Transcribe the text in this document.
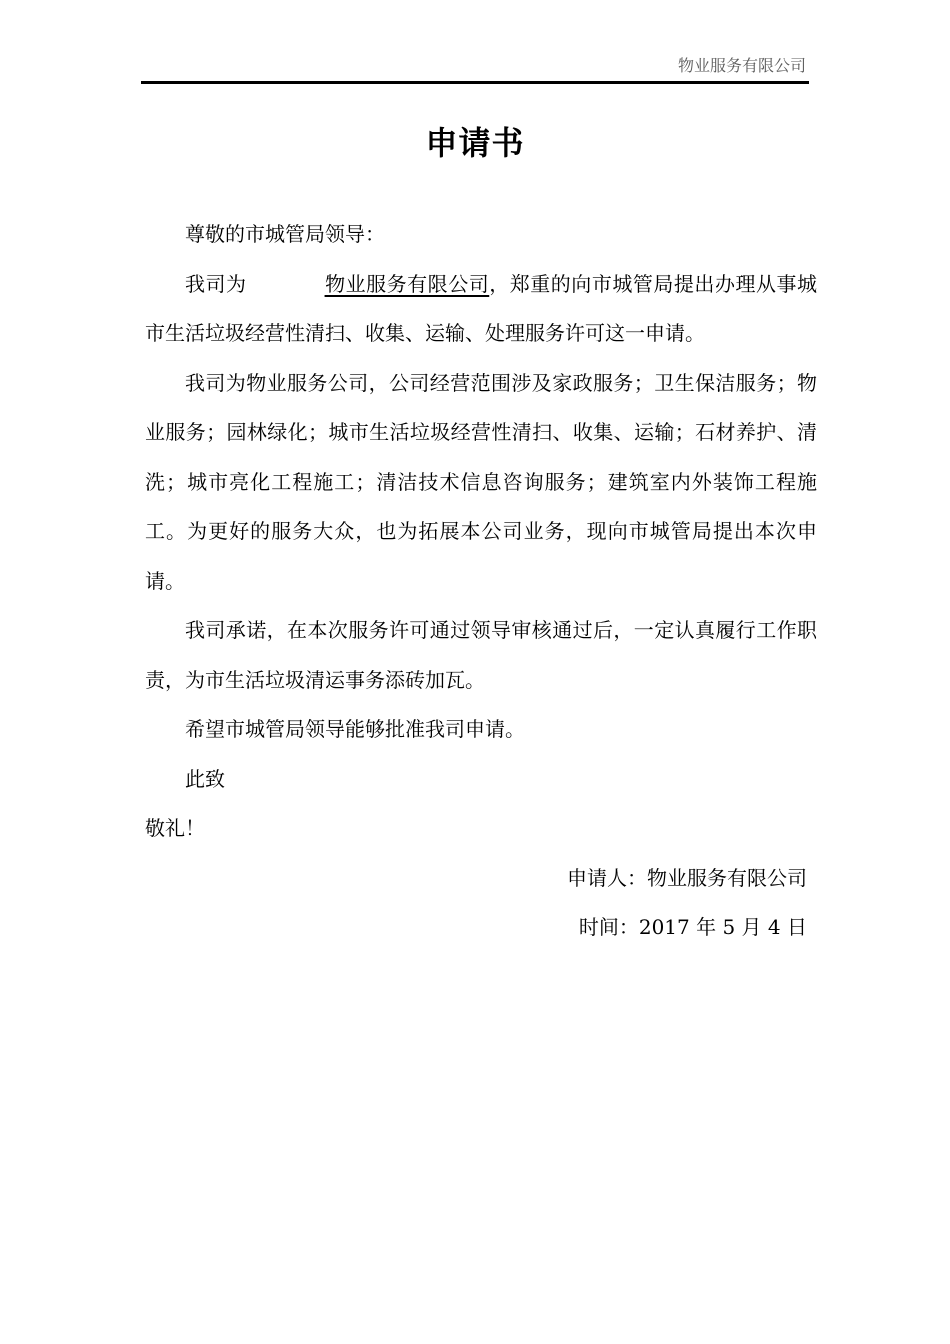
物业服务有限公司
申请书

尊敬的市城管局领导：

我司为	物业服务有限公司，郑重的向市城管局提出办理从事城市生活垃圾经营性清扫、收集、运输、处理服务许可这一申请。

我司为物业服务公司，公司经营范围涉及家政服务；卫生保洁服务；物业服务；园林绿化；城市生活垃圾经营性清扫、收集、运输；石材养护、清洗；城市亮化工程施工；清洁技术信息咨询服务；建筑室内外装饰工程施工。为更好的服务大众，也为拓展本公司业务，现向市城管局提出本次申请。

我司承诺，在本次服务许可通过领导审核通过后，一定认真履行工作职责，为市生活垃圾清运事务添砖加瓦。

希望市城管局领导能够批准我司申请。

此致

敬礼！

申请人：物业服务有限公司

时间：2017 年 5 月 4 日
